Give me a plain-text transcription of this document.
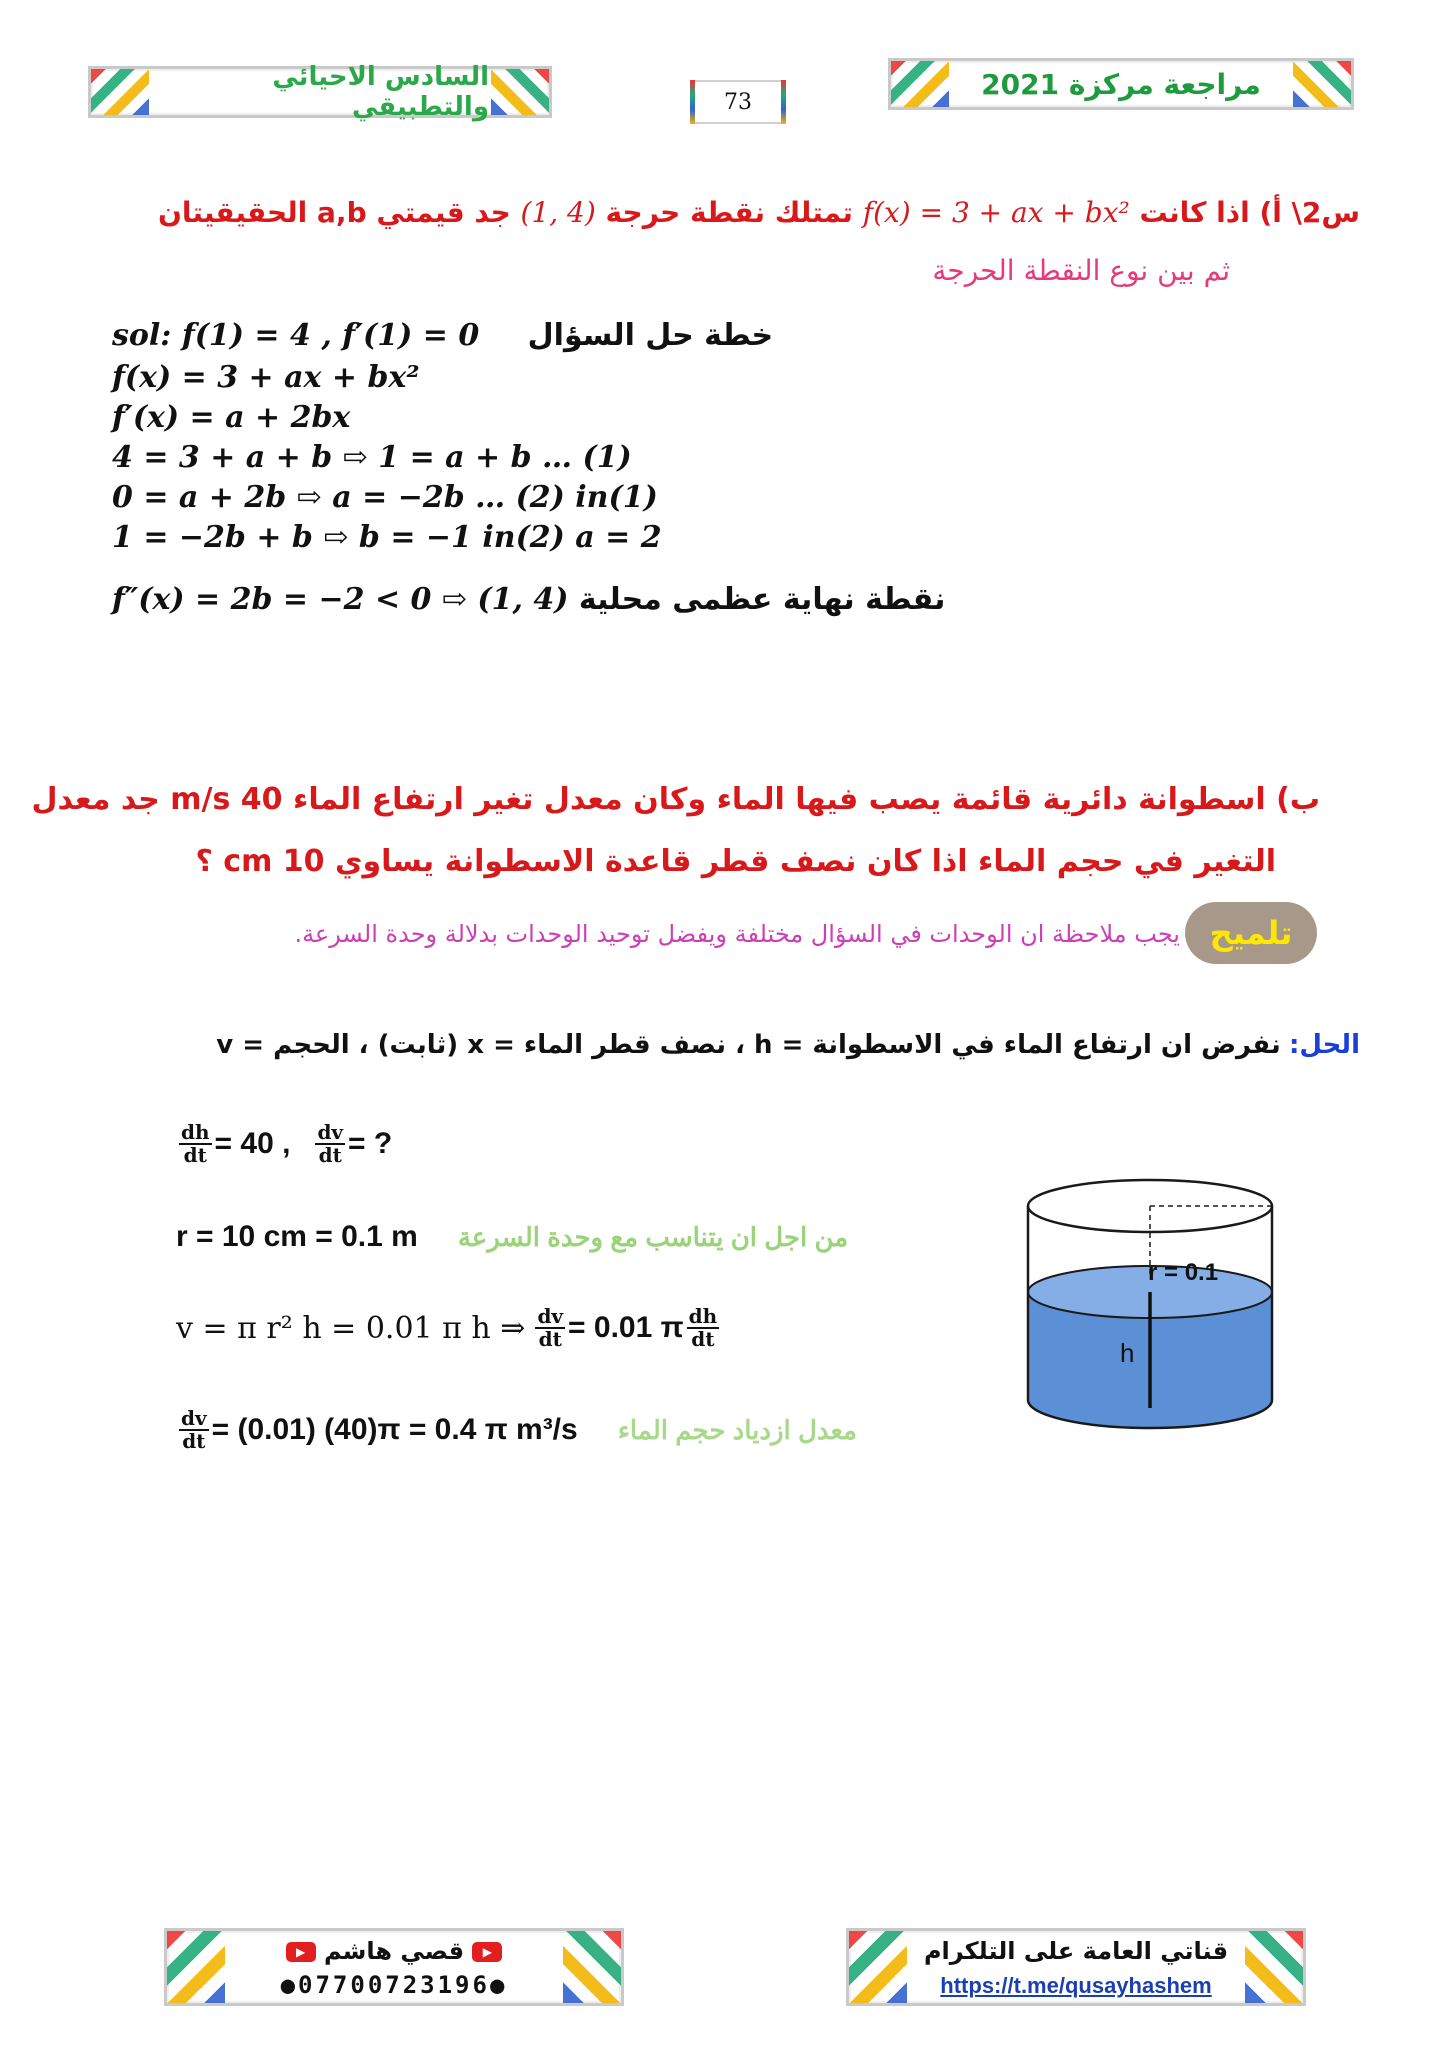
السادس الاحيائي والتطبيقي	73
مراجعة مركزة 2021
س2\ أ) اذا كانت f(x) = 3 + ax + bx² تمتلك نقطة حرجة (1, 4) جد قيمتي a,b الحقيقيتان
ثم بين نوع النقطة الحرجة
sol: f(1) = 4 , f′(1) = 0 خطة حل السؤال
f(x) = 3 + ax + bx²
f′(x) = a + 2bx
4 = 3 + a + b ⇨ 1 = a + b … (1)
0 = a + 2b ⇨ a = −2b … (2) in(1)
1 = −2b + b ⇨ b = −1 in(2) a = 2
f″(x) = 2b = −2 < 0 ⇨ (1, 4) نقطة نهاية عظمى محلية
ب) اسطوانة دائرية قائمة يصب فيها الماء وكان معدل تغير ارتفاع الماء 40 m/s جد معدل
التغير في حجم الماء اذا كان نصف قطر قاعدة الاسطوانة يساوي 10 cm ؟
تلميح
يجب ملاحظة ان الوحدات في السؤال مختلفة ويفضل توحيد الوحدات بدلالة وحدة السرعة.
الحل: نفرض ان ارتفاع الماء في الاسطوانة = h ، نصف قطر الماء = x (ثابت) ، الحجم = v
$\frac{dh}{dt} = 40$ , $\frac{dv}{dt}$ = ?
r = 10 cm = 0.1 m من اجل ان يتناسب مع وحدة السرعة
v = π r² h = 0.01 π h ⇒ $\frac{dv}{dt} = 0.01$ π $\frac{dh}{dt}$
$\frac{dv}{dt} = (0.01) (40)\pi = 0.4$ π m³/s معدل ازدياد حجم الماء
r = 0.1
h
▶ قصي هاشم ▶
●07700723196●
قناتي العامة على التلكرام
https://t.me/qusayhashem
